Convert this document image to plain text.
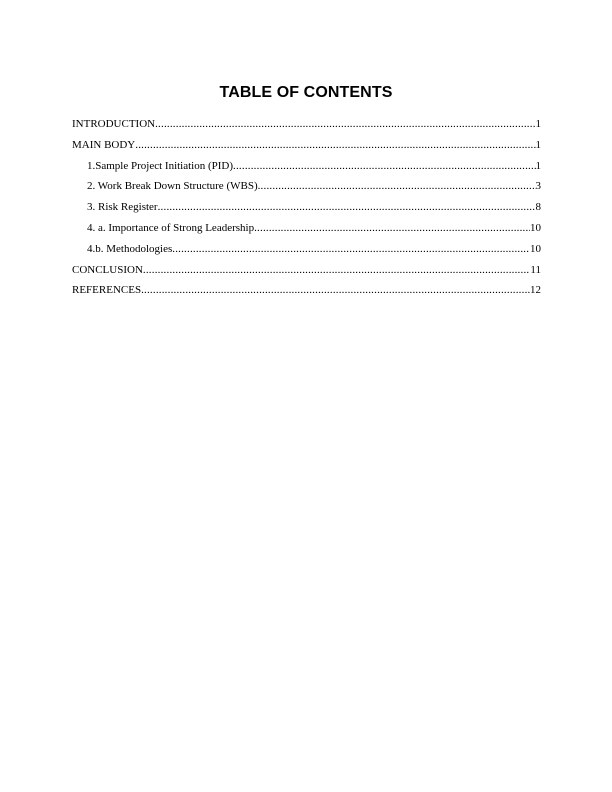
TABLE OF CONTENTS
INTRODUCTION .....	1
MAIN BODY .....	1
1.Sample Project Initiation (PID) .....	1
2. Work Break Down Structure (WBS) .....	3
3. Risk Register .....	8
4. a. Importance of Strong Leadership .....	10
4.b. Methodologies .....	10
CONCLUSION .....	11
REFERENCES .....	12
